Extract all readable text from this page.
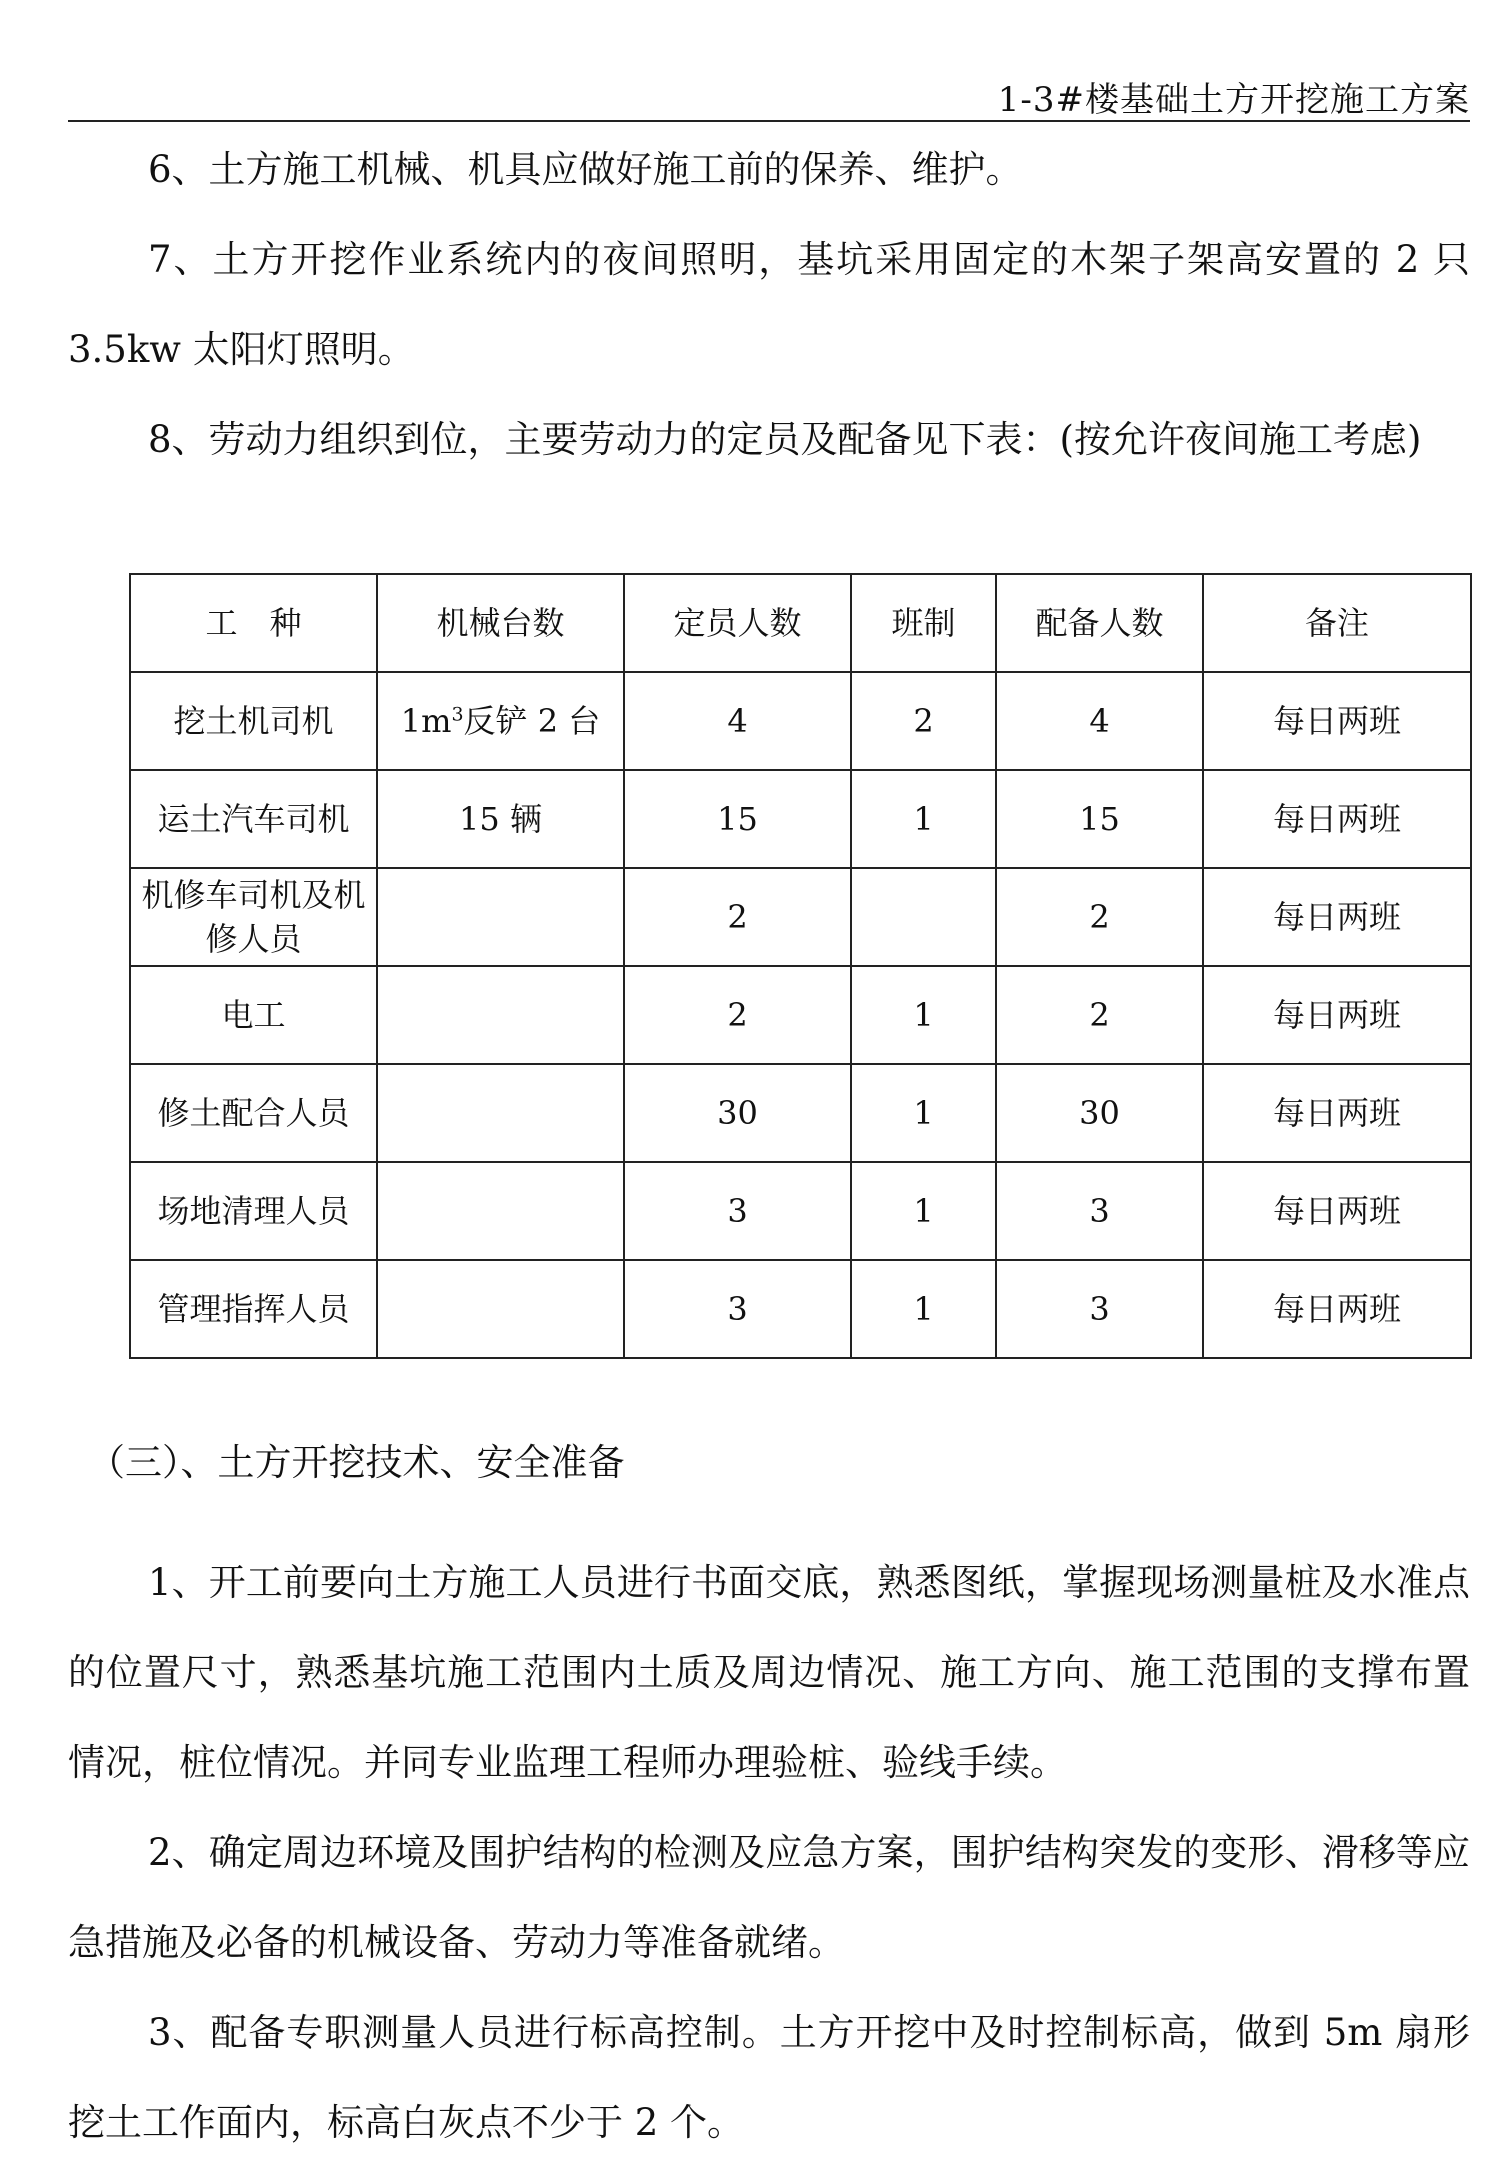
1-3#楼基础土方开挖施工方案
6、土方施工机械、机具应做好施工前的保养、维护。
7、土方开挖作业系统内的夜间照明，基坑采用固定的木架子架高安置的 2 只 3.5kw 太阳灯照明。
8、劳动力组织到位，主要劳动力的定员及配备见下表：(按允许夜间施工考虑)
工　种	机械台数	定员人数	班制	配备人数	备注
挖土机司机	$1m^3$反铲 2 台	4	2	4	每日两班
运土汽车司机	15 辆	15	1	15	每日两班
机修车司机及机修人员		2		2	每日两班
电工		2	1	2	每日两班
修土配合人员		30	1	30	每日两班
场地清理人员		3	1	3	每日两班
管理指挥人员		3	1	3	每日两班
（三）、土方开挖技术、安全准备
1、开工前要向土方施工人员进行书面交底，熟悉图纸，掌握现场测量桩及水准点的位置尺寸，熟悉基坑施工范围内土质及周边情况、施工方向、施工范围的支撑布置情况，桩位情况。并同专业监理工程师办理验桩、验线手续。
2、确定周边环境及围护结构的检测及应急方案，围护结构突发的变形、滑移等应急措施及必备的机械设备、劳动力等准备就绪。
3、配备专职测量人员进行标高控制。土方开挖中及时控制标高，做到 5m 扇形挖土工作面内，标高白灰点不少于 2 个。
